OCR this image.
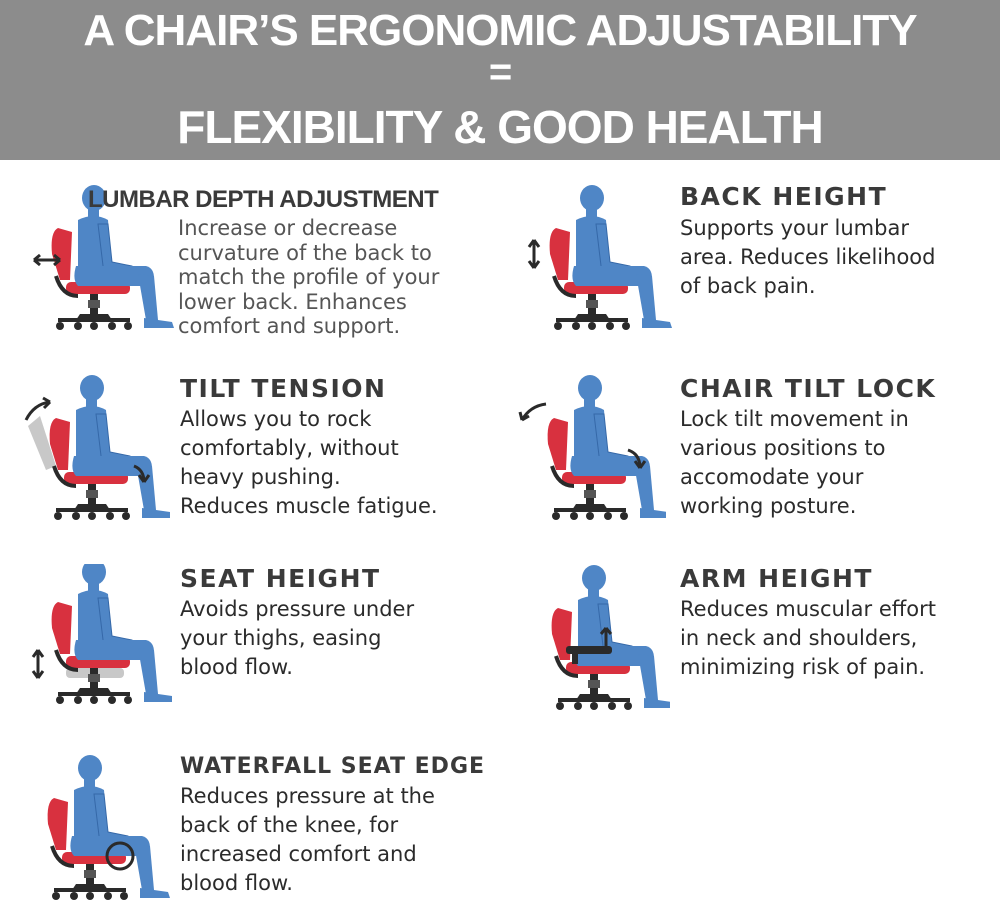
A CHAIR’S ERGONOMIC ADJUSTABILITY
=
FLEXIBILITY & GOOD HEALTH
LUMBAR DEPTH ADJUSTMENT
Increase or decrease
curvature of the back to
match the profile of your
lower back. Enhances
comfort and support.
BACK HEIGHT
Supports your lumbar
area. Reduces likelihood
of back pain.
TILT TENSION
Allows you to rock
comfortably, without
heavy pushing.
Reduces muscle fatigue.
CHAIR TILT LOCK
Lock tilt movement in
various positions to
accomodate your
working posture.
SEAT HEIGHT
Avoids pressure under
your thighs, easing
blood flow.
ARM HEIGHT
Reduces muscular effort
in neck and shoulders,
minimizing risk of pain.
WATERFALL SEAT EDGE
Reduces pressure at the
back of the knee, for
increased comfort and
blood flow.
